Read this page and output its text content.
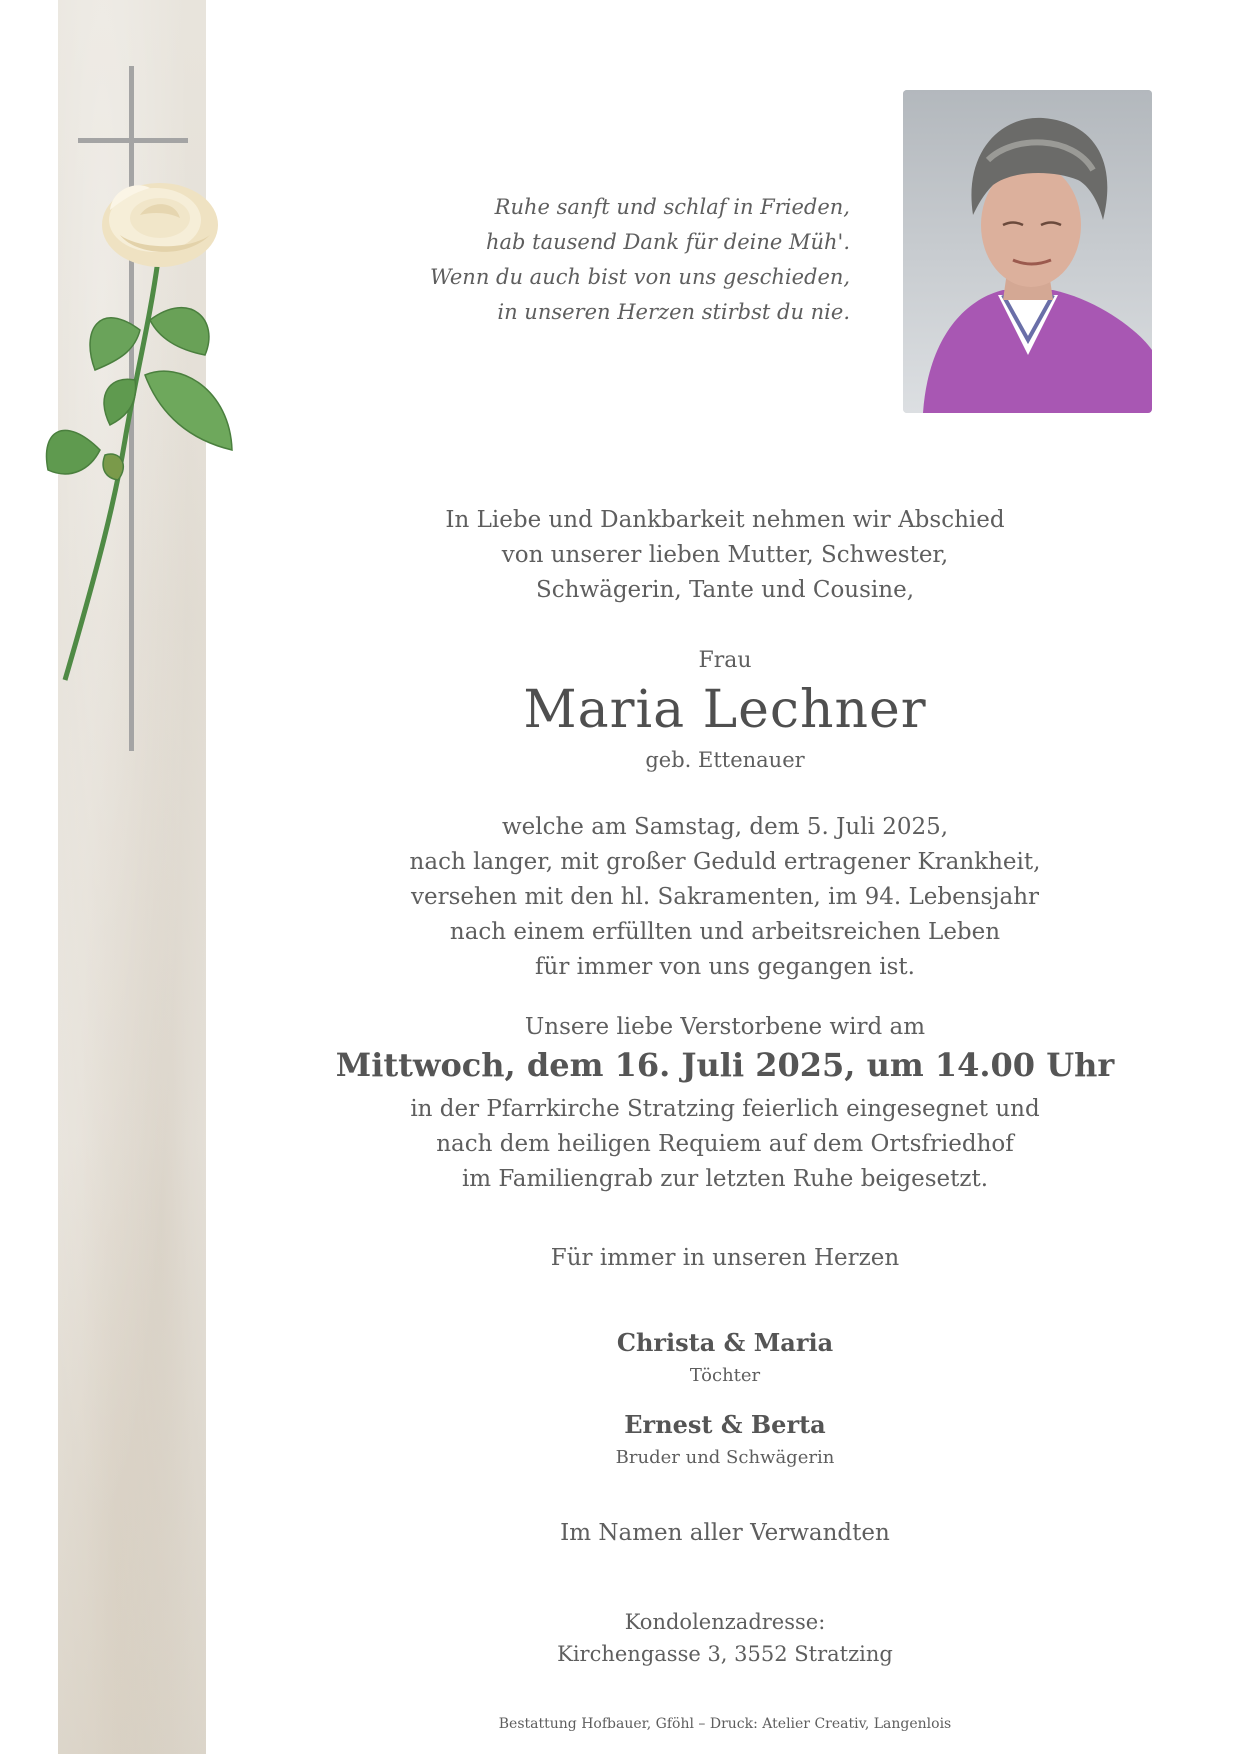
Ruhe sanft und schlaf in Frieden,
hab tausend Dank für deine Müh'.
Wenn du auch bist von uns geschieden,
in unseren Herzen stirbst du nie.
In Liebe und Dankbarkeit nehmen wir Abschied
von unserer lieben Mutter, Schwester,
Schwägerin, Tante und Cousine,
Frau
Maria Lechner
geb. Ettenauer
welche am Samstag, dem 5. Juli 2025,
nach langer, mit großer Geduld ertragener Krankheit,
versehen mit den hl. Sakramenten, im 94. Lebensjahr
nach einem erfüllten und arbeitsreichen Leben
für immer von uns gegangen ist.
Unsere liebe Verstorbene wird am
Mittwoch, dem 16. Juli 2025, um 14.00 Uhr
in der Pfarrkirche Stratzing feierlich eingesegnet und
nach dem heiligen Requiem auf dem Ortsfriedhof
im Familiengrab zur letzten Ruhe beigesetzt.
Für immer in unseren Herzen
Christa & Maria
Töchter
Ernest & Berta
Bruder und Schwägerin
Im Namen aller Verwandten
Kondolenzadresse:
Kirchengasse 3, 3552 Stratzing
Bestattung Hofbauer, Gföhl – Druck: Atelier Creativ, Langenlois
